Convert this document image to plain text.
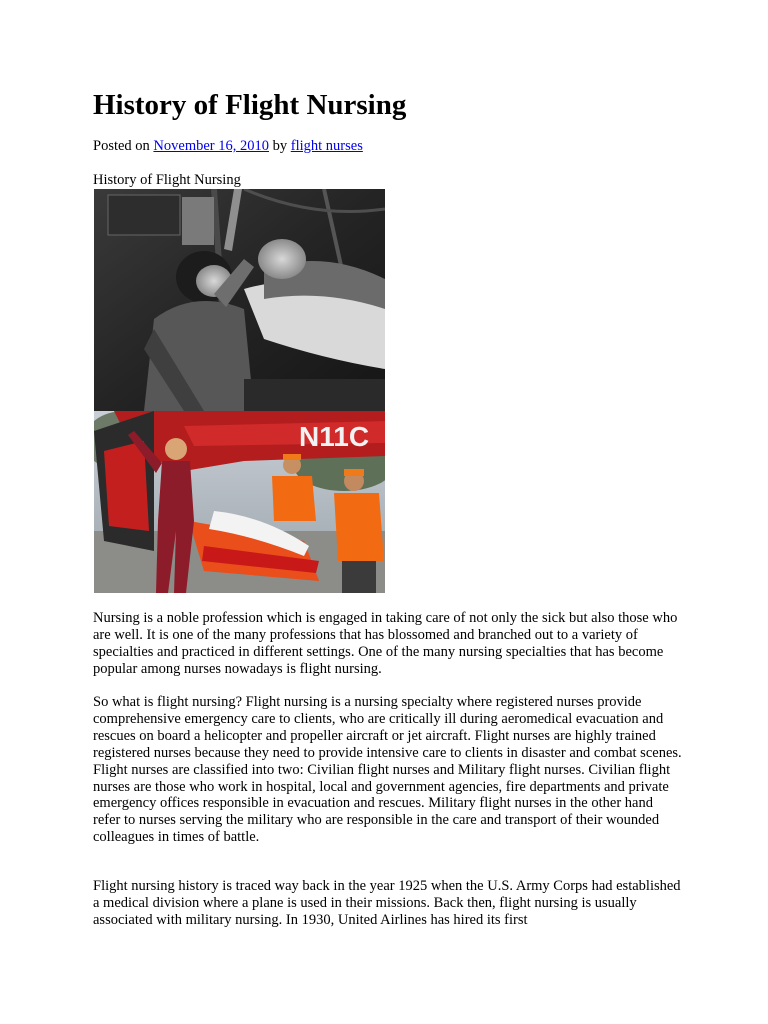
History of Flight Nursing
Posted on November 16, 2010 by flight nurses
History of Flight Nursing
N11C

Nursing is a noble profession which is engaged in taking care of not only the sick but also those who are well. It is one of the many professions that has blossomed and branched out to a variety of specialties and practiced in different settings. One of the many nursing specialties that has become popular among nurses nowadays is flight nursing.

So what is flight nursing? Flight nursing is a nursing specialty where registered nurses provide comprehensive emergency care to clients, who are critically ill during aeromedical evacuation and rescues on board a helicopter and propeller aircraft or jet aircraft. Flight nurses are highly trained registered nurses because they need to provide intensive care to clients in disaster and combat scenes. Flight nurses are classified into two: Civilian flight nurses and Military flight nurses. Civilian flight nurses are those who work in hospital, local and government agencies, fire departments and private emergency offices responsible in evacuation and rescues. Military flight nurses in the other hand refer to nurses serving the military who are responsible in the care and transport of their wounded colleagues in times of battle.

Flight nursing history is traced way back in the year 1925 when the U.S. Army Corps had established a medical division where a plane is used in their missions. Back then, flight nursing is usually associated with military nursing. In 1930, United Airlines has hired its first
